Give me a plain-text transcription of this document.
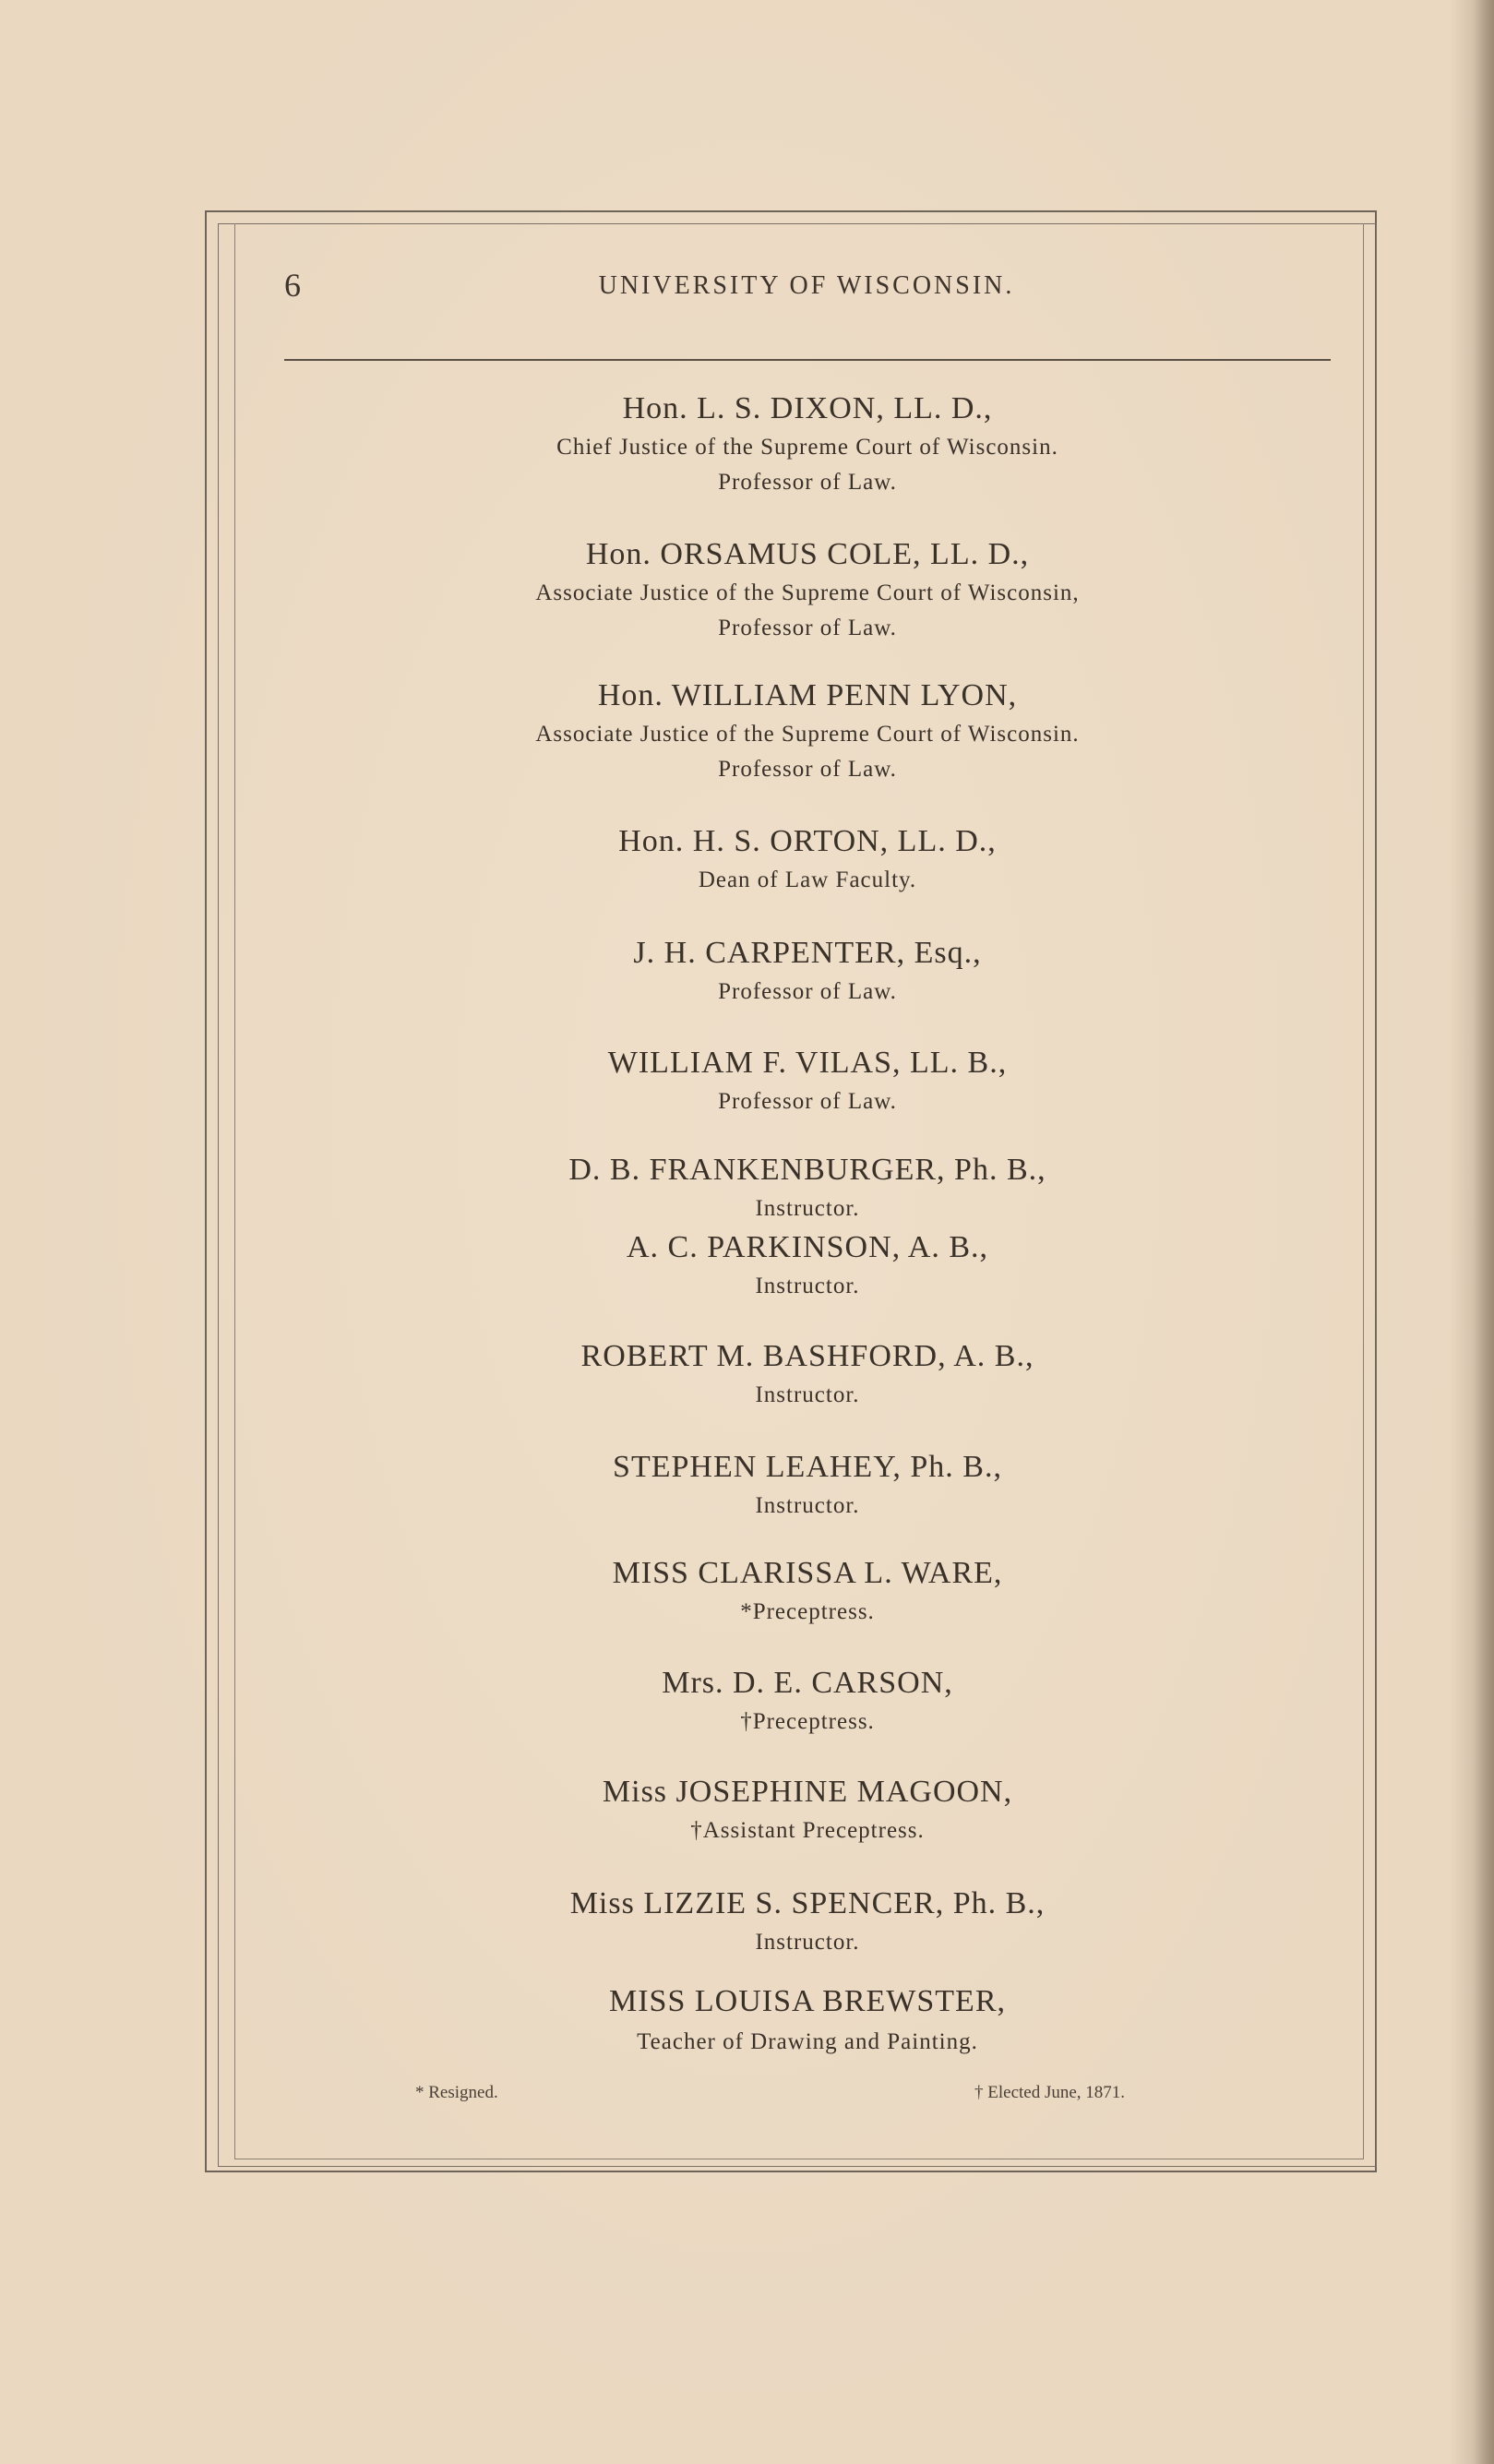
6	UNIVERSITY OF WISCONSIN.
Hon. L. S. DIXON, LL. D.,
Chief Justice of the Supreme Court of Wisconsin.
Professor of Law.
Hon. ORSAMUS COLE, LL. D.,
Associate Justice of the Supreme Court of Wisconsin,
Professor of Law.
Hon. WILLIAM PENN LYON,
Associate Justice of the Supreme Court of Wisconsin.
Professor of Law.
Hon. H. S. ORTON, LL. D.,
Dean of Law Faculty.
J. H. CARPENTER, Esq.,
Professor of Law.
WILLIAM F. VILAS, LL. B.,
Professor of Law.
D. B. FRANKENBURGER, Ph. B.,
Instructor.
A. C. PARKINSON, A. B.,
Instructor.
ROBERT M. BASHFORD, A. B.,
Instructor.
STEPHEN LEAHEY, Ph. B.,
Instructor.
MISS CLARISSA L. WARE,
*Preceptress.
Mrs. D. E. CARSON,
†Preceptress.
Miss JOSEPHINE MAGOON,
†Assistant Preceptress.
Miss LIZZIE S. SPENCER, Ph. B.,
Instructor.
MISS LOUISA BREWSTER,
Teacher of Drawing and Painting.
* Resigned.	† Elected June, 1871.
